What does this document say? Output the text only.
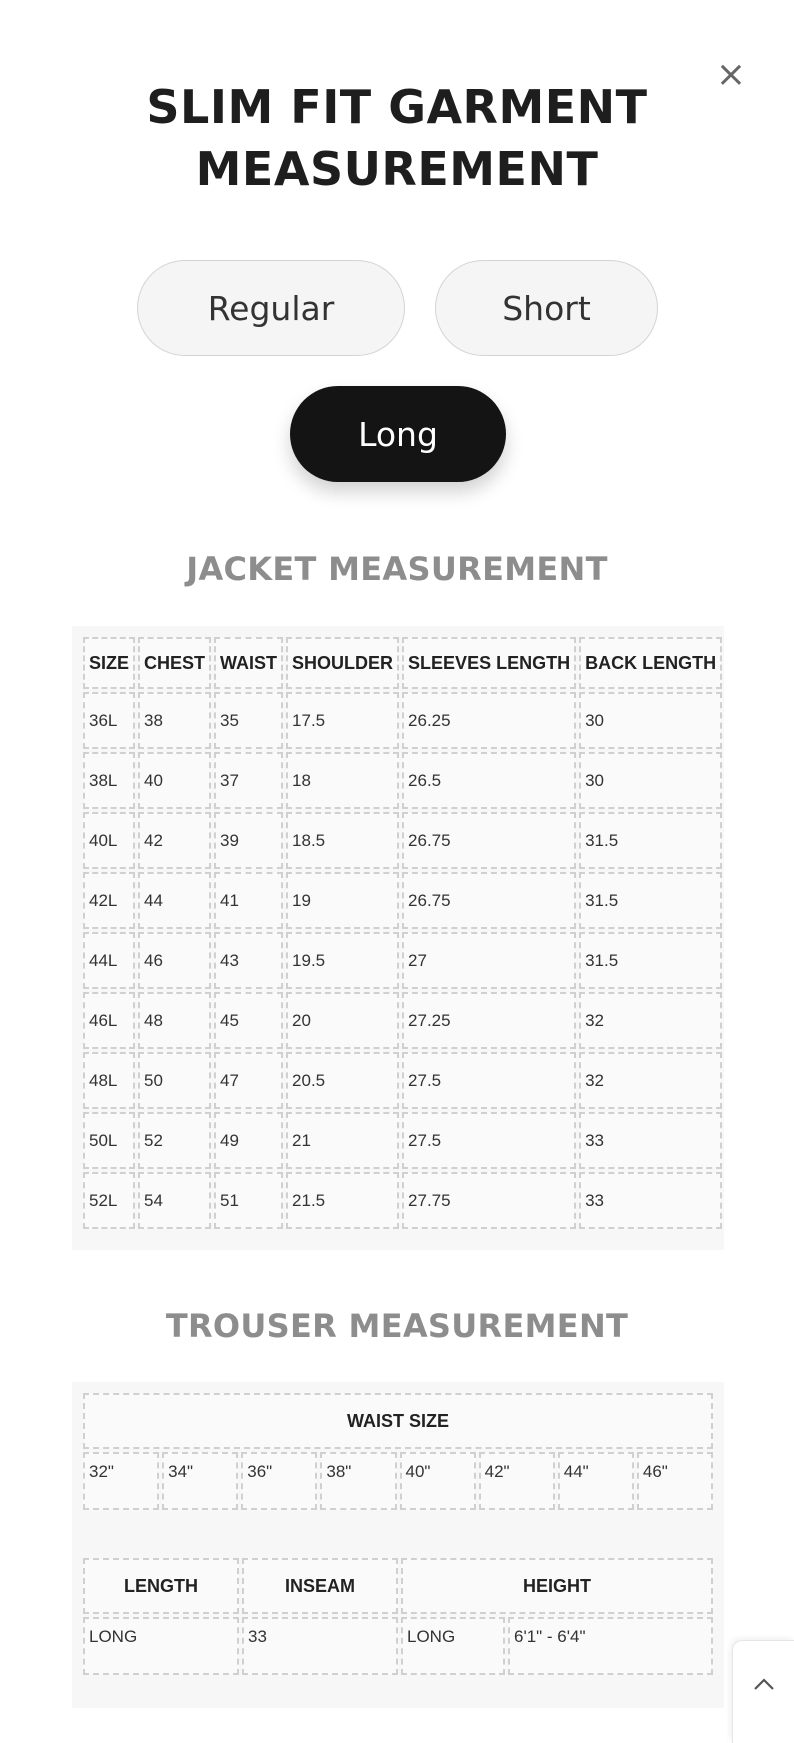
×
SLIM FIT GARMENT
MEASUREMENT
Regular	Short
Long
JACKET MEASUREMENT
SIZE	CHEST	WAIST	SHOULDER	SLEEVES LENGTH	BACK LENGTH
36L	38	35	17.5	26.25	30
38L	40	37	18	26.5	30
40L	42	39	18.5	26.75	31.5
42L	44	41	19	26.75	31.5
44L	46	43	19.5	27	31.5
46L	48	45	20	27.25	32
48L	50	47	20.5	27.5	32
50L	52	49	21	27.5	33
52L	54	51	21.5	27.75	33
TROUSER MEASUREMENT
WAIST SIZE
32"	34"	36"	38"	40"	42"	44"	46"
LENGTH	INSEAM	HEIGHT	
LONG	33	LONG	6'1" - 6'4"
